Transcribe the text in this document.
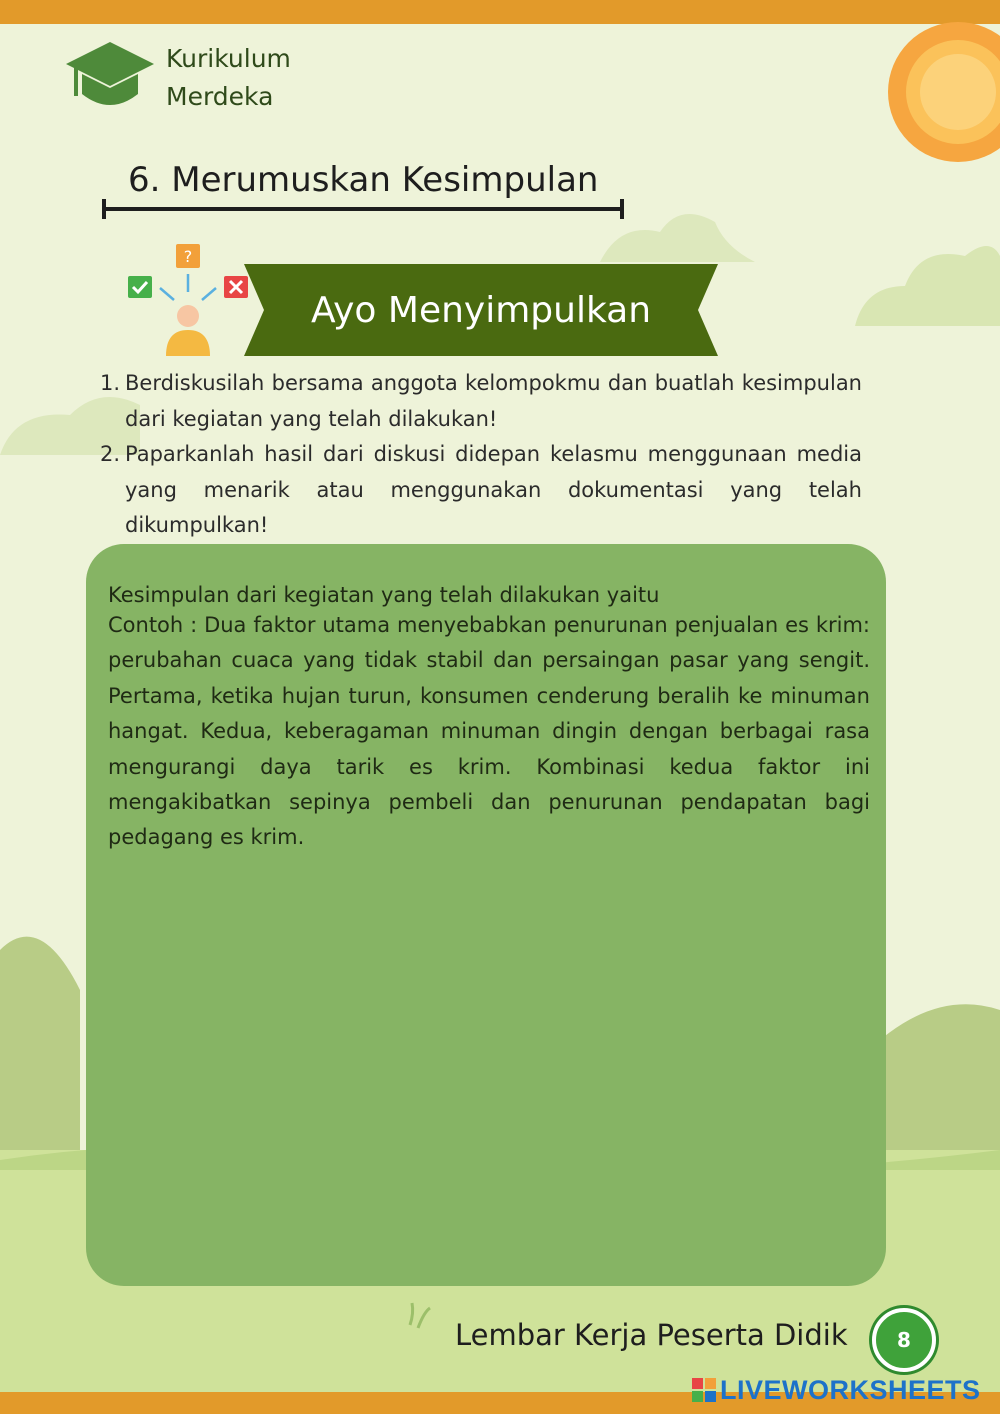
Kurikulum
Merdeka
6. Merumuskan Kesimpulan
?
Ayo Menyimpulkan
1. Berdiskusilah bersama anggota kelompokmu dan buatlah kesimpulan dari kegiatan yang telah dilakukan!
2. Paparkanlah hasil dari diskusi didepan kelasmu menggunaan media yang menarik atau menggunakan dokumentasi yang telah dikumpulkan!
Kesimpulan dari kegiatan yang telah dilakukan yaitu
Contoh : Dua faktor utama menyebabkan penurunan penjualan es krim: perubahan cuaca yang tidak stabil dan persaingan pasar yang sengit. Pertama, ketika hujan turun, konsumen cenderung beralih ke minuman hangat. Kedua, keberagaman minuman dingin dengan berbagai rasa mengurangi daya tarik es krim. Kombinasi kedua faktor ini mengakibatkan sepinya pembeli dan penurunan pendapatan bagi pedagang es krim.
Lembar Kerja Peserta Didik 8
LIVEWORKSHEETS
